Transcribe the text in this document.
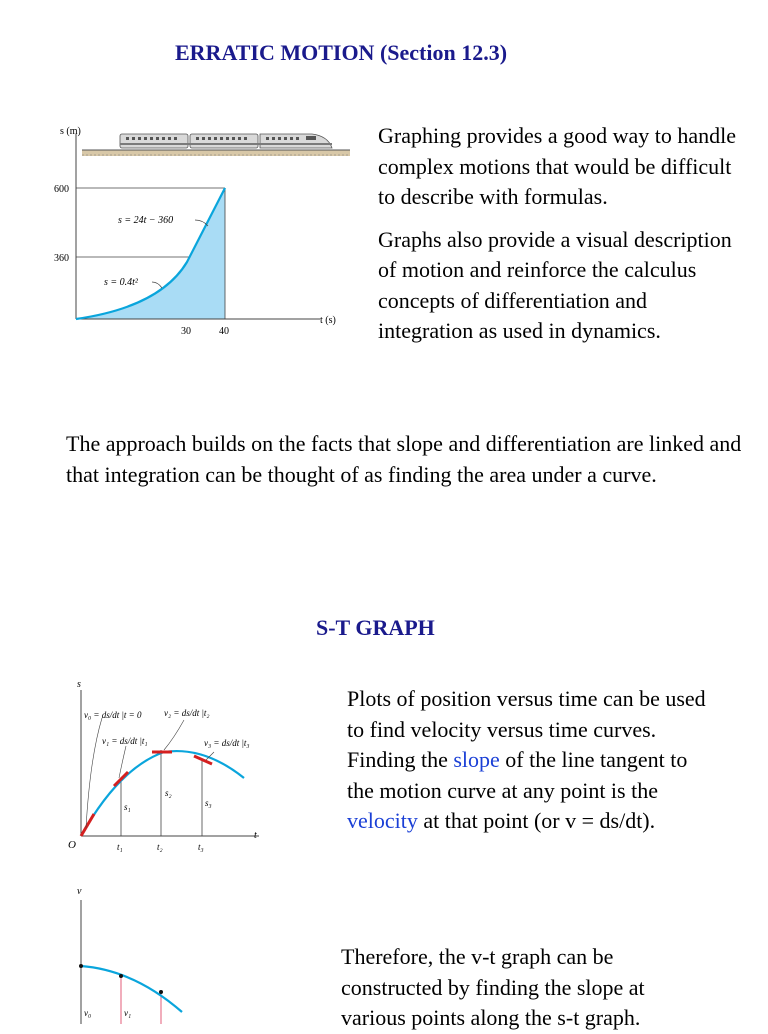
ERRATIC MOTION (Section 12.3)
s (m)
600
360
30	40
t (s)
s = 24t − 360
s = 0.4t²

Graphing provides a good way to handle complex motions that would be difficult to describe with formulas.

Graphs also provide a visual description of motion and reinforce the calculus concepts of differentiation and integration as used in dynamics.

The approach builds on the facts that slope and differentiation are linked and that integration can be thought of as finding the area under a curve.
S-T GRAPH
s
t
O
v₀ = ds/dt |t = 0	v₂ = ds/dt |t₂
v₁ = ds/dt |t₁	v₃ = ds/dt |t₃
s₁
s₂
s₃
t₁	t₂	t₃
Plots of position versus time can be used to find velocity versus time curves. Finding the slope of the line tangent to the motion curve at any point is the velocity at that point (or v = ds/dt).
v
v₀	v₁
Therefore, the v-t graph can be constructed by finding the slope at various points along the s-t graph.
